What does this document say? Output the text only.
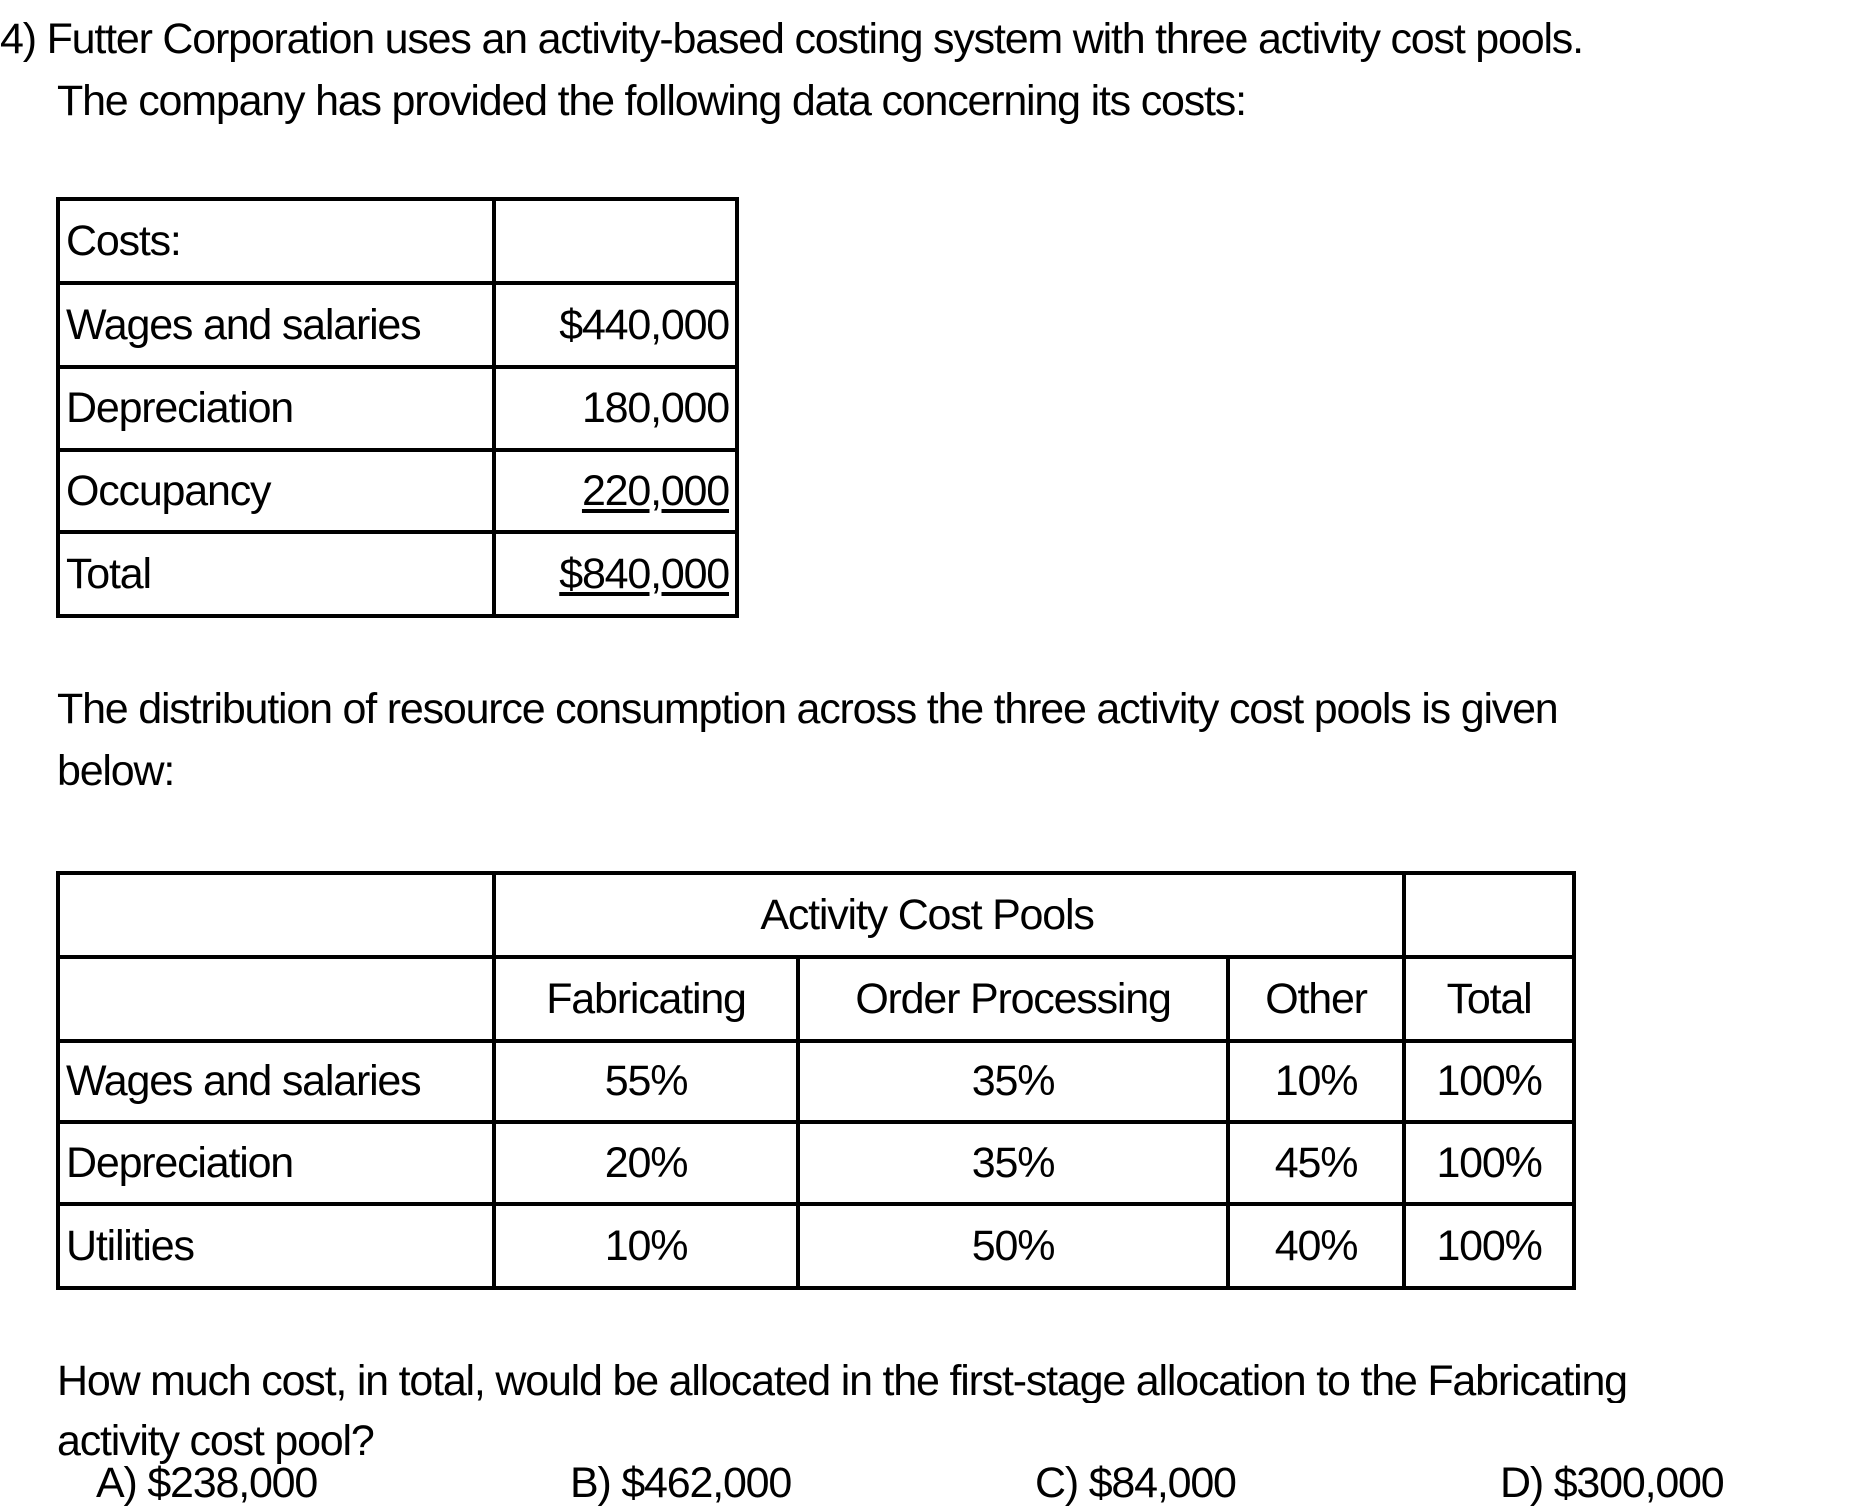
4) Futter Corporation uses an activity-based costing system with three activity cost pools.
The company has provided the following data concerning its costs:
Costs:	
Wages and salaries	$440,000
Depreciation	180,000
Occupancy	220,000
Total	$840,000
The distribution of resource consumption across the three activity cost pools is given
below:
	Activity Cost Pools			
	Fabricating	Order Processing	Other	Total
Wages and salaries	55%	35%	10%	100%
Depreciation	20%	35%	45%	100%
Utilities	10%	50%	40%	100%
How much cost, in total, would be allocated in the first-stage allocation to the Fabricating
activity cost pool?
A) $238,000	B) $462,000	C) $84,000	D) $300,000
